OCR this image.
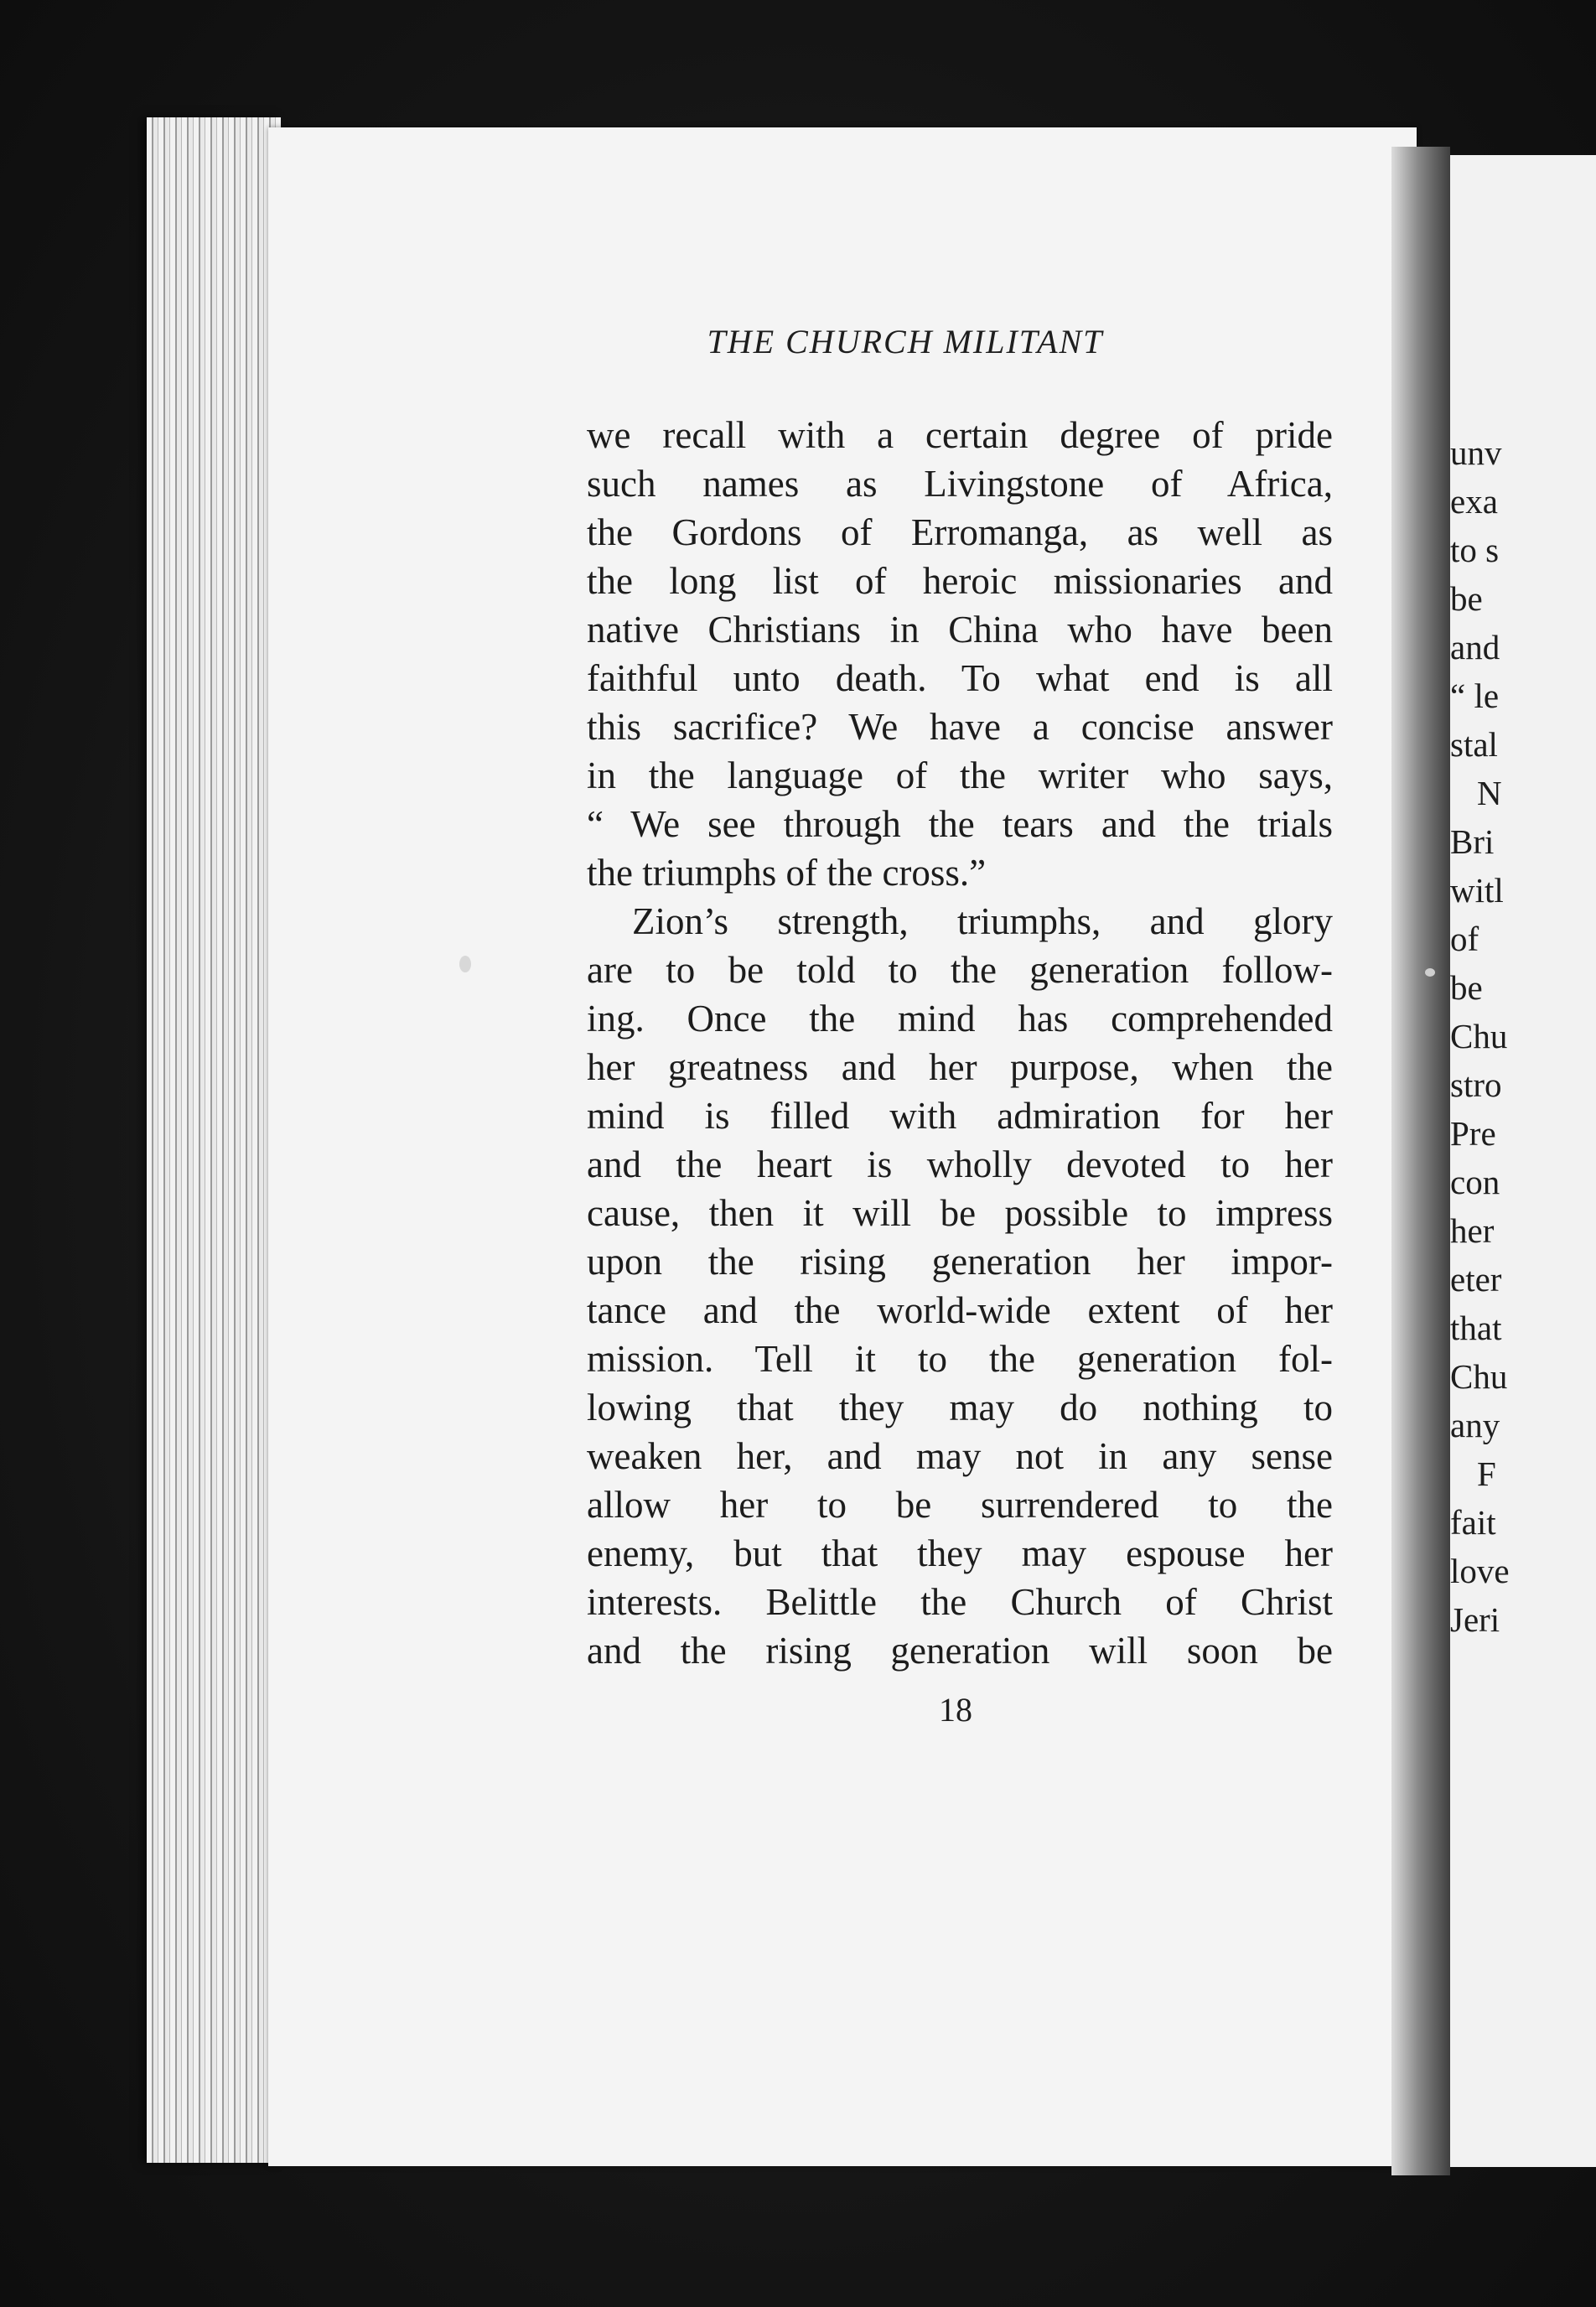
unv
exa
to s
be
and
“ le
stal
N
Bri
witl
of
be
Chu
stro
Pre
con
her
eter
that
Chu
any
F
fait
love
Jeri
THE CHURCH MILITANT
we recall with a certain degree of pride
such names as Livingstone of Africa,
the Gordons of Erromanga, as well as
the long list of heroic missionaries and
native Christians in China who have been
faithful unto death. To what end is all
this sacrifice? We have a concise answer
in the language of the writer who says,
“ We see through the tears and the trials
the triumphs of the cross.”
Zion’s strength, triumphs, and glory
are to be told to the generation follow-
ing. Once the mind has comprehended
her greatness and her purpose, when the
mind is filled with admiration for her
and the heart is wholly devoted to her
cause, then it will be possible to impress
upon the rising generation her impor-
tance and the world-wide extent of her
mission. Tell it to the generation fol-
lowing that they may do nothing to
weaken her, and may not in any sense
allow her to be surrendered to the
enemy, but that they may espouse her
interests. Belittle the Church of Christ
and the rising generation will soon be
18
